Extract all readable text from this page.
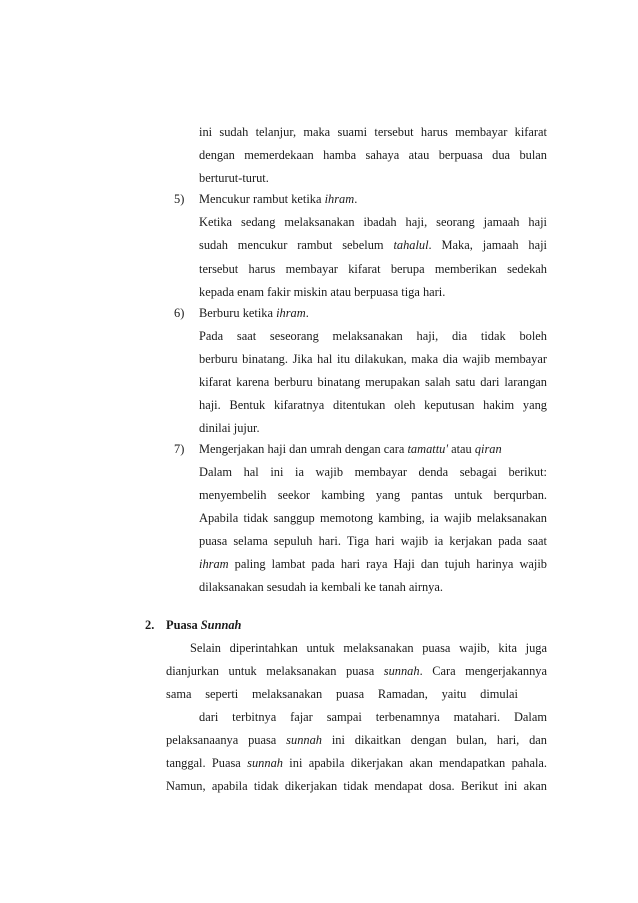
ini sudah telanjur, maka suami tersebut harus membayar kifarat
dengan memerdekaan hamba sahaya atau berpuasa dua bulan
berturut-turut.
5) Mencukur rambut ketika ihram.
Ketika sedang melaksanakan ibadah haji, seorang jamaah haji
sudah mencukur rambut sebelum tahalul. Maka, jamaah haji
tersebut harus membayar kifarat berupa memberikan sedekah
kepada enam fakir miskin atau berpuasa tiga hari.
6) Berburu ketika ihram.
Pada saat seseorang melaksanakan haji, dia tidak boleh
berburu binatang. Jika hal itu dilakukan, maka dia wajib membayar
kifarat karena berburu binatang merupakan salah satu dari larangan
haji. Bentuk kifaratnya ditentukan oleh keputusan hakim yang
dinilai jujur.
7) Mengerjakan haji dan umrah dengan cara tamattu' atau qiran
Dalam hal ini ia wajib membayar denda sebagai berikut:
menyembelih seekor kambing yang pantas untuk berqurban.
Apabila tidak sanggup memotong kambing, ia wajib melaksanakan
puasa selama sepuluh hari. Tiga hari wajib ia kerjakan pada saat
ihram paling lambat pada hari raya Haji dan tujuh harinya wajib
dilaksanakan sesudah ia kembali ke tanah airnya.
2. Puasa Sunnah
Selain diperintahkan untuk melaksanakan puasa wajib, kita juga
dianjurkan untuk melaksanakan puasa sunnah. Cara mengerjakannya
sama seperti melaksanakan puasa Ramadan, yaitu dimulai
dari terbitnya fajar sampai terbenamnya matahari. Dalam
pelaksanaanya puasa sunnah ini dikaitkan dengan bulan, hari, dan
tanggal. Puasa sunnah ini apabila dikerjakan akan mendapatkan pahala.
Namun, apabila tidak dikerjakan tidak mendapat dosa. Berikut ini akan
